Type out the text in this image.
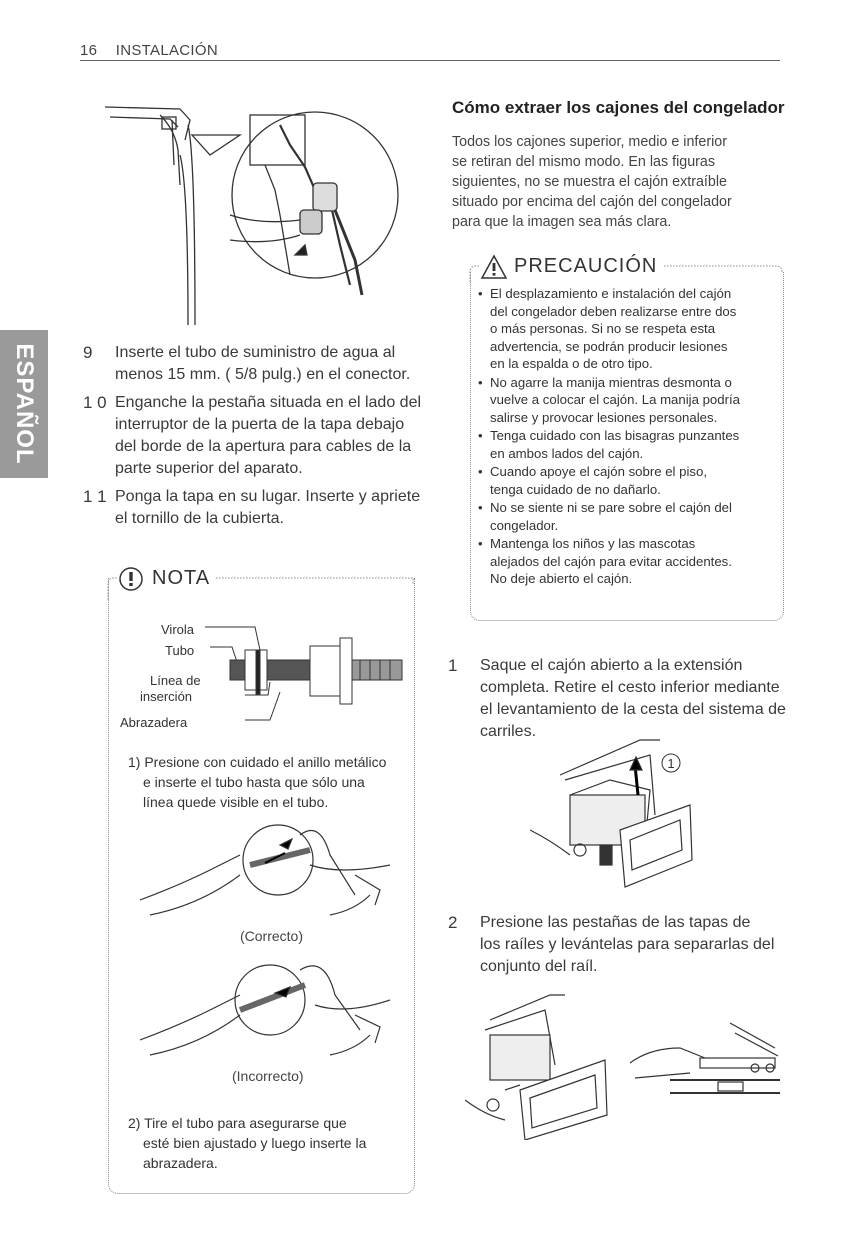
16 INSTALACIÓN
ESPAÑOL	9 Inserte el tubo de suministro de agua al
menos 15 mm. ( 5/8 pulg.) en el conector.
1 0 Enganche la pestaña situada en el lado del
interruptor de la puerta de la tapa debajo
del borde de la apertura para cables de la
parte superior del aparato.
1 1 Ponga la tapa en su lugar. Inserte y apriete
el tornillo de la cubierta.
NOTA
Virola
Tubo
Línea de
inserción
Abrazadera
1) Presione con cuidado el anillo metálico
e inserte el tubo hasta que sólo una
línea quede visible en el tubo.
(Correcto)
(Incorrecto)
2) Tire el tubo para asegurarse que
esté bien ajustado y luego inserte la
abrazadera.
Cómo extraer los cajones del congelador
Todos los cajones superior, medio e inferior
se retiran del mismo modo. En las figuras
siguientes, no se muestra el cajón extraíble
situado por encima del cajón del congelador
para que la imagen sea más clara.
PRECAUCIÓN
• El desplazamiento e instalación del cajón
del congelador deben realizarse entre dos
o más personas. Si no se respeta esta
advertencia, se podrán producir lesiones
en la espalda o de otro tipo.
• No agarre la manija mientras desmonta o
vuelve a colocar el cajón. La manija podría
salirse y provocar lesiones personales.
• Tenga cuidado con las bisagras punzantes
en ambos lados del cajón.
• Cuando apoye el cajón sobre el piso,
tenga cuidado de no dañarlo.
• No se siente ni se pare sobre el cajón del
congelador.
• Mantenga los niños y las mascotas
alejados del cajón para evitar accidentes.
No deje abierto el cajón.
1 Saque el cajón abierto a la extensión
completa. Retire el cesto inferior mediante
el levantamiento de la cesta del sistema de
carriles.
1
2 Presione las pestañas de las tapas de
los raíles y levántelas para separarlas del
conjunto del raíl.
